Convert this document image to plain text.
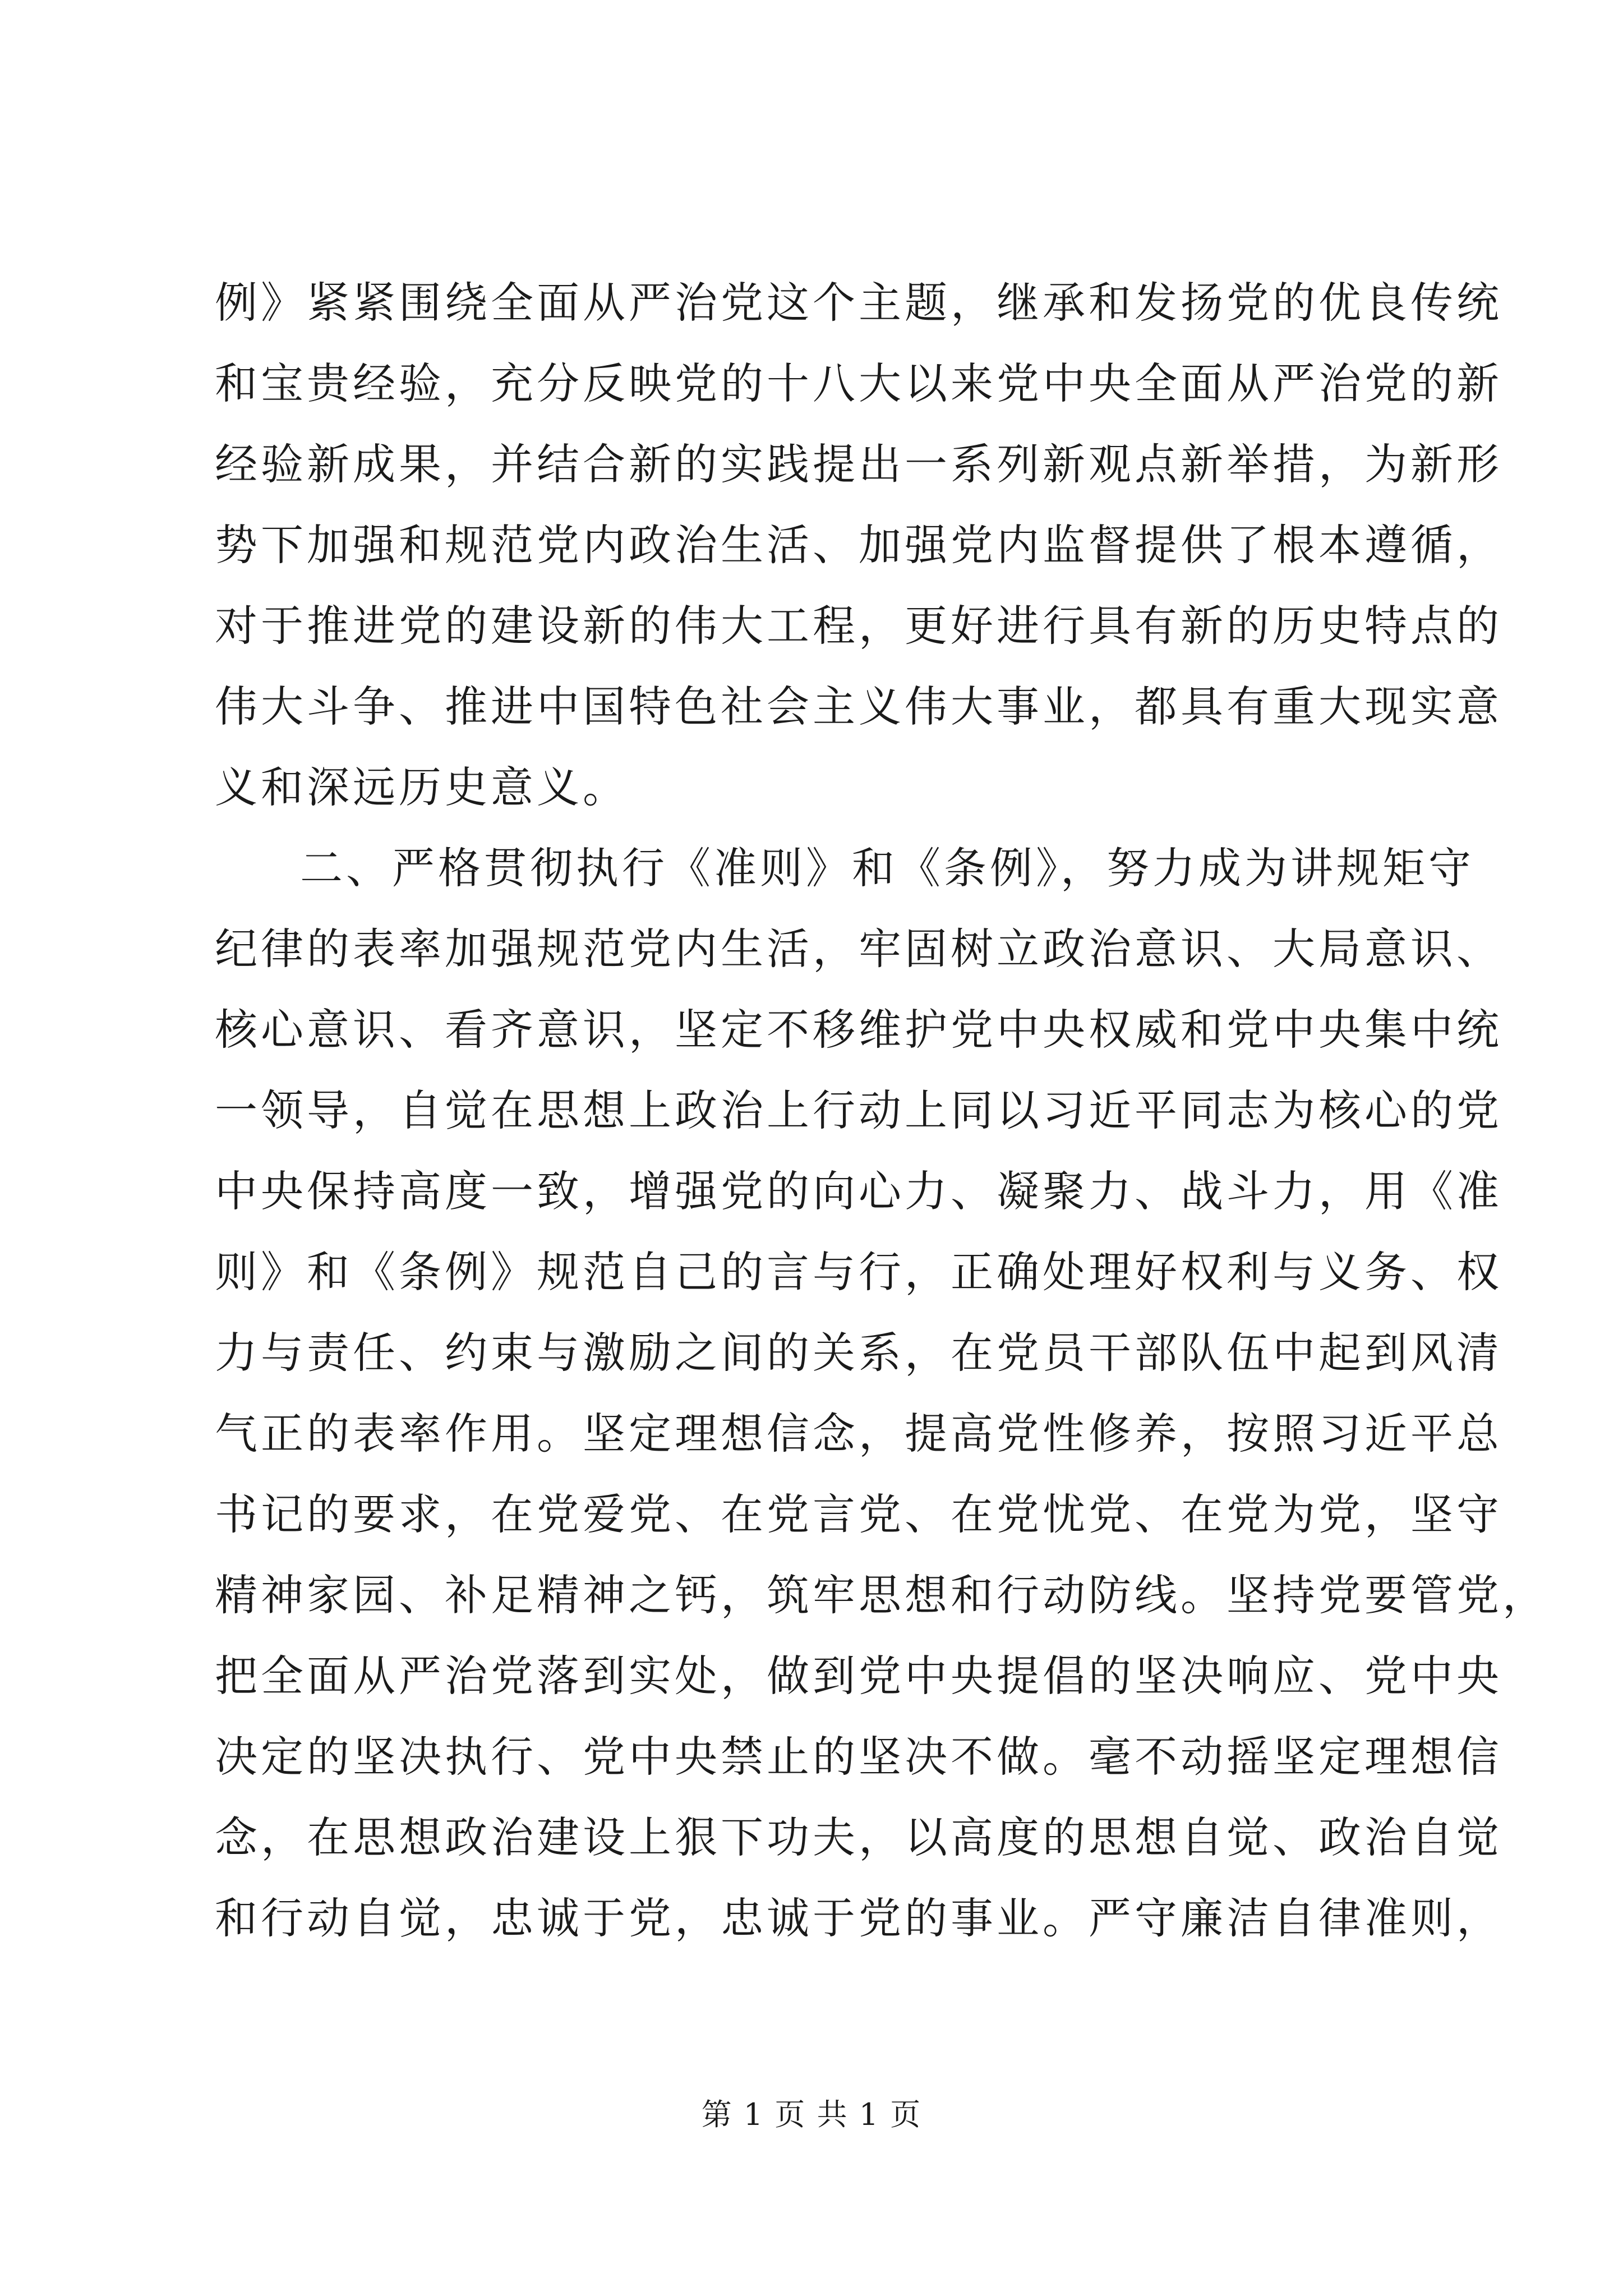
例》紧紧围绕全面从严治党这个主题，继承和发扬党的优良传统
和宝贵经验，充分反映党的十八大以来党中央全面从严治党的新
经验新成果，并结合新的实践提出一系列新观点新举措，为新形
势下加强和规范党内政治生活、加强党内监督提供了根本遵循，
对于推进党的建设新的伟大工程，更好进行具有新的历史特点的
伟大斗争、推进中国特色社会主义伟大事业，都具有重大现实意
义和深远历史意义。
二、严格贯彻执行《准则》和《条例》，努力成为讲规矩守
纪律的表率加强规范党内生活，牢固树立政治意识、大局意识、
核心意识、看齐意识，坚定不移维护党中央权威和党中央集中统
一领导，自觉在思想上政治上行动上同以习近平同志为核心的党
中央保持高度一致，增强党的向心力、凝聚力、战斗力，用《准
则》和《条例》规范自己的言与行，正确处理好权利与义务、权
力与责任、约束与激励之间的关系，在党员干部队伍中起到风清
气正的表率作用。坚定理想信念，提高党性修养，按照习近平总
书记的要求，在党爱党、在党言党、在党忧党、在党为党，坚守
精神家园、补足精神之钙，筑牢思想和行动防线。坚持党要管党，
把全面从严治党落到实处，做到党中央提倡的坚决响应、党中央
决定的坚决执行、党中央禁止的坚决不做。毫不动摇坚定理想信
念，在思想政治建设上狠下功夫，以高度的思想自觉、政治自觉
和行动自觉，忠诚于党，忠诚于党的事业。严守廉洁自律准则，
第 1 页 共 1 页
